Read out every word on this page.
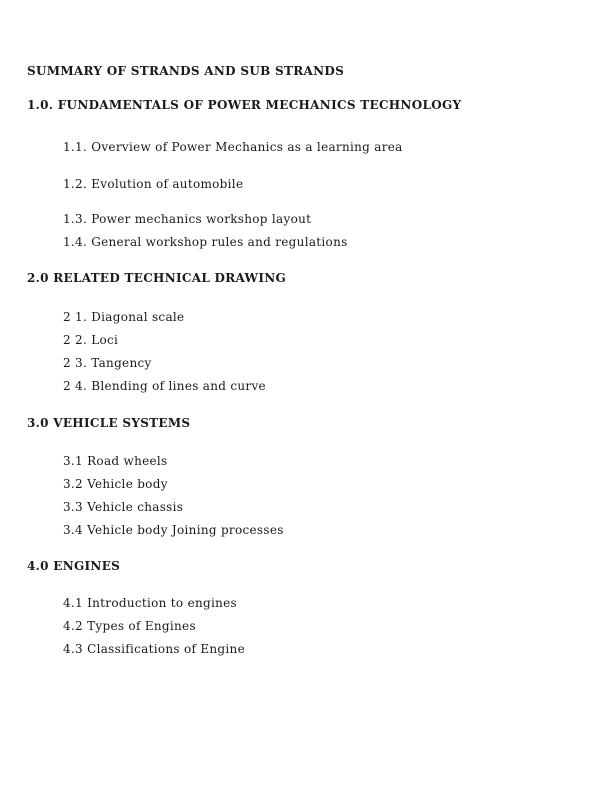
SUMMARY OF STRANDS AND SUB STRANDS
1.0. FUNDAMENTALS OF POWER MECHANICS TECHNOLOGY
1.1. Overview of Power Mechanics as a learning area
1.2. Evolution of automobile
1.3. Power mechanics workshop layout
1.4. General workshop rules and regulations
2.0 RELATED TECHNICAL DRAWING
2 1. Diagonal scale
2 2. Loci
2 3. Tangency
2 4. Blending of lines and curve
3.0 VEHICLE SYSTEMS
3.1 Road wheels
3.2 Vehicle body
3.3 Vehicle chassis
3.4 Vehicle body Joining processes
4.0 ENGINES
4.1 Introduction to engines
4.2 Types of Engines
4.3 Classifications of Engine
